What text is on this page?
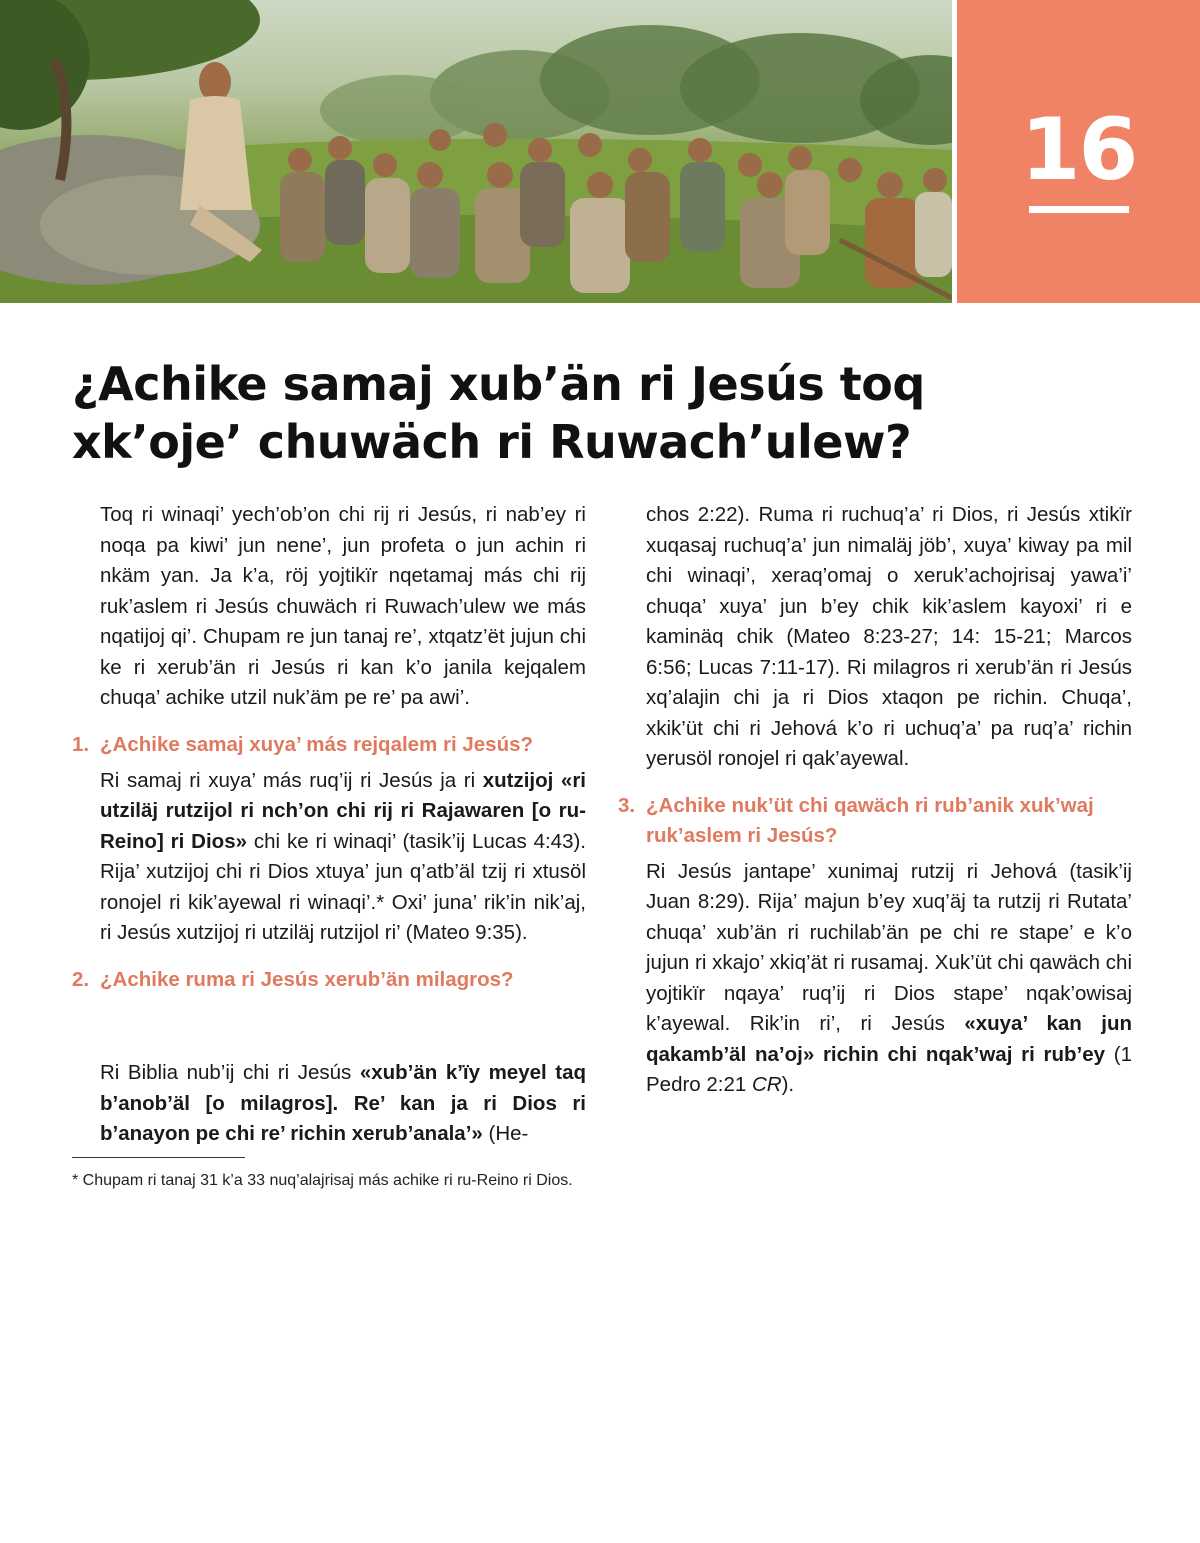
16
¿Achike samaj xub’än ri Jesús toq
xk’oje’ chuwäch ri Ruwach’ulew?

Toq ri winaqi’ yech’ob’on chi rij ri Jesús, ri nab’ey ri noqa pa kiwi’ jun nene’, jun profeta o jun achin ri nkäm yan. Ja k’a, röj yojtikïr nqetamaj más chi rij ruk’aslem ri Jesús chuwäch ri Ruwach’ulew we más nqatijoj qi’. Chupam re jun tanaj re’, xtqatz’ët jujun chi ke ri xerub’än ri Jesús ri kan k’o janila kejqalem chuqa’ achike utzil nuk’äm pe re’ pa awi’.

1. ¿Achike samaj xuya’ más rejqalem ri Jesús?

Ri samaj ri xuya’ más ruq’ij ri Jesús ja ri xutzijoj «ri utziläj rutzijol ri nch’on chi rij ri Rajawaren [o ru-Reino] ri Dios» chi ke ri winaqi’ (tasik’ij Lucas 4:43). Rija’ xutzijoj chi ri Dios xtuya’ jun q’atb’äl tzij ri xtusöl ronojel ri kik’ayewal ri winaqi’.* Oxi’ juna’ rik’in nik’aj, ri Jesús xutzijoj ri utziläj rutzijol ri’ (Mateo 9:35).

2. ¿Achike ruma ri Jesús xerub’än milagros?

Ri Biblia nub’ij chi ri Jesús «xub’än k’ïy meyel taq b’anob’äl [o milagros]. Re’ kan ja ri Dios ri b’anayon pe chi re’ richin xerub’anala’» (He-

chos 2:22). Ruma ri ruchuq’a’ ri Dios, ri Jesús xtikïr xuqasaj ruchuq’a’ jun nimaläj jöb’, xuya’ kiway pa mil chi winaqi’, xeraq’omaj o xeruk’achojrisaj yawa’i’ chuqa’ xuya’ jun b’ey chik kik’aslem kayoxi’ ri e kaminäq chik (Mateo 8:23-27; 14: 15-21; Marcos 6:56; Lucas 7:11-17). Ri milagros ri xerub’än ri Jesús xq’alajin chi ja ri Dios xtaqon pe richin. Chuqa’, xkik’üt chi ri Jehová k’o ri uchuq’a’ pa ruq’a’ richin yerusöl ronojel ri qak’ayewal.

3. ¿Achike nuk’üt chi qawäch ri rub’anik xuk’waj ruk’aslem ri Jesús?

Ri Jesús jantape’ xunimaj rutzij ri Jehová (tasik’ij Juan 8:29). Rija’ majun b’ey xuq’äj ta rutzij ri Rutata’ chuqa’ xub’än ri ruchilab’än pe chi re stape’ e k’o jujun ri xkajo’ xkiq’ät ri rusamaj. Xuk’üt chi qawäch chi yojtikïr nqaya’ ruq’ij ri Dios stape’ nqak’owisaj k’ayewal. Rik’in ri’, ri Jesús «xuya’ kan jun qakamb’äl na’oj» richin chi nqak’waj ri rub’ey (1 Pedro 2:21 CR).

* Chupam ri tanaj 31 k’a 33 nuq’alajrisaj más achike ri ru-Reino ri Dios.
